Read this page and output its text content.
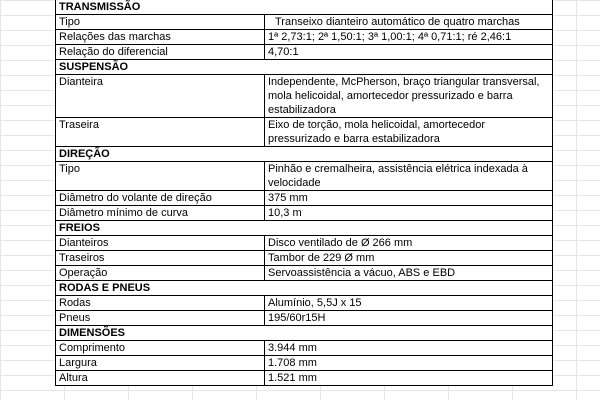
TRANSMISSÃO	
Tipo	Transeixo dianteiro automático de quatro marchas
Relações das marchas	1ª 2,73:1; 2ª 1,50:1; 3ª 1,00:1; 4ª 0,71:1; ré 2,46:1
Relação do diferencial	4,70:1
SUSPENSÃO	
Dianteira	Independente, McPherson, braço triangular transversal, mola helicoidal, amortecedor pressurizado e barra estabilizadora
Traseira	Eixo de torção, mola helicoidal, amortecedor pressurizado e barra estabilizadora
DIREÇÃO	
Tipo	Pinhão e cremalheira, assistência elétrica indexada à velocidade
Diâmetro do volante de direção	375 mm
Diâmetro mínimo de curva	10,3 m
FREIOS	
Dianteiros	Disco ventilado de Ø 266 mm
Traseiros	Tambor de 229 Ø mm
Operação	Servoassistência a vácuo, ABS e EBD
RODAS E PNEUS	
Rodas	Alumínio, 5,5J x 15
Pneus	195/60r15H
DIMENSÕES	
Comprimento	3.944 mm
Largura	1.708 mm
Altura	1.521 mm
